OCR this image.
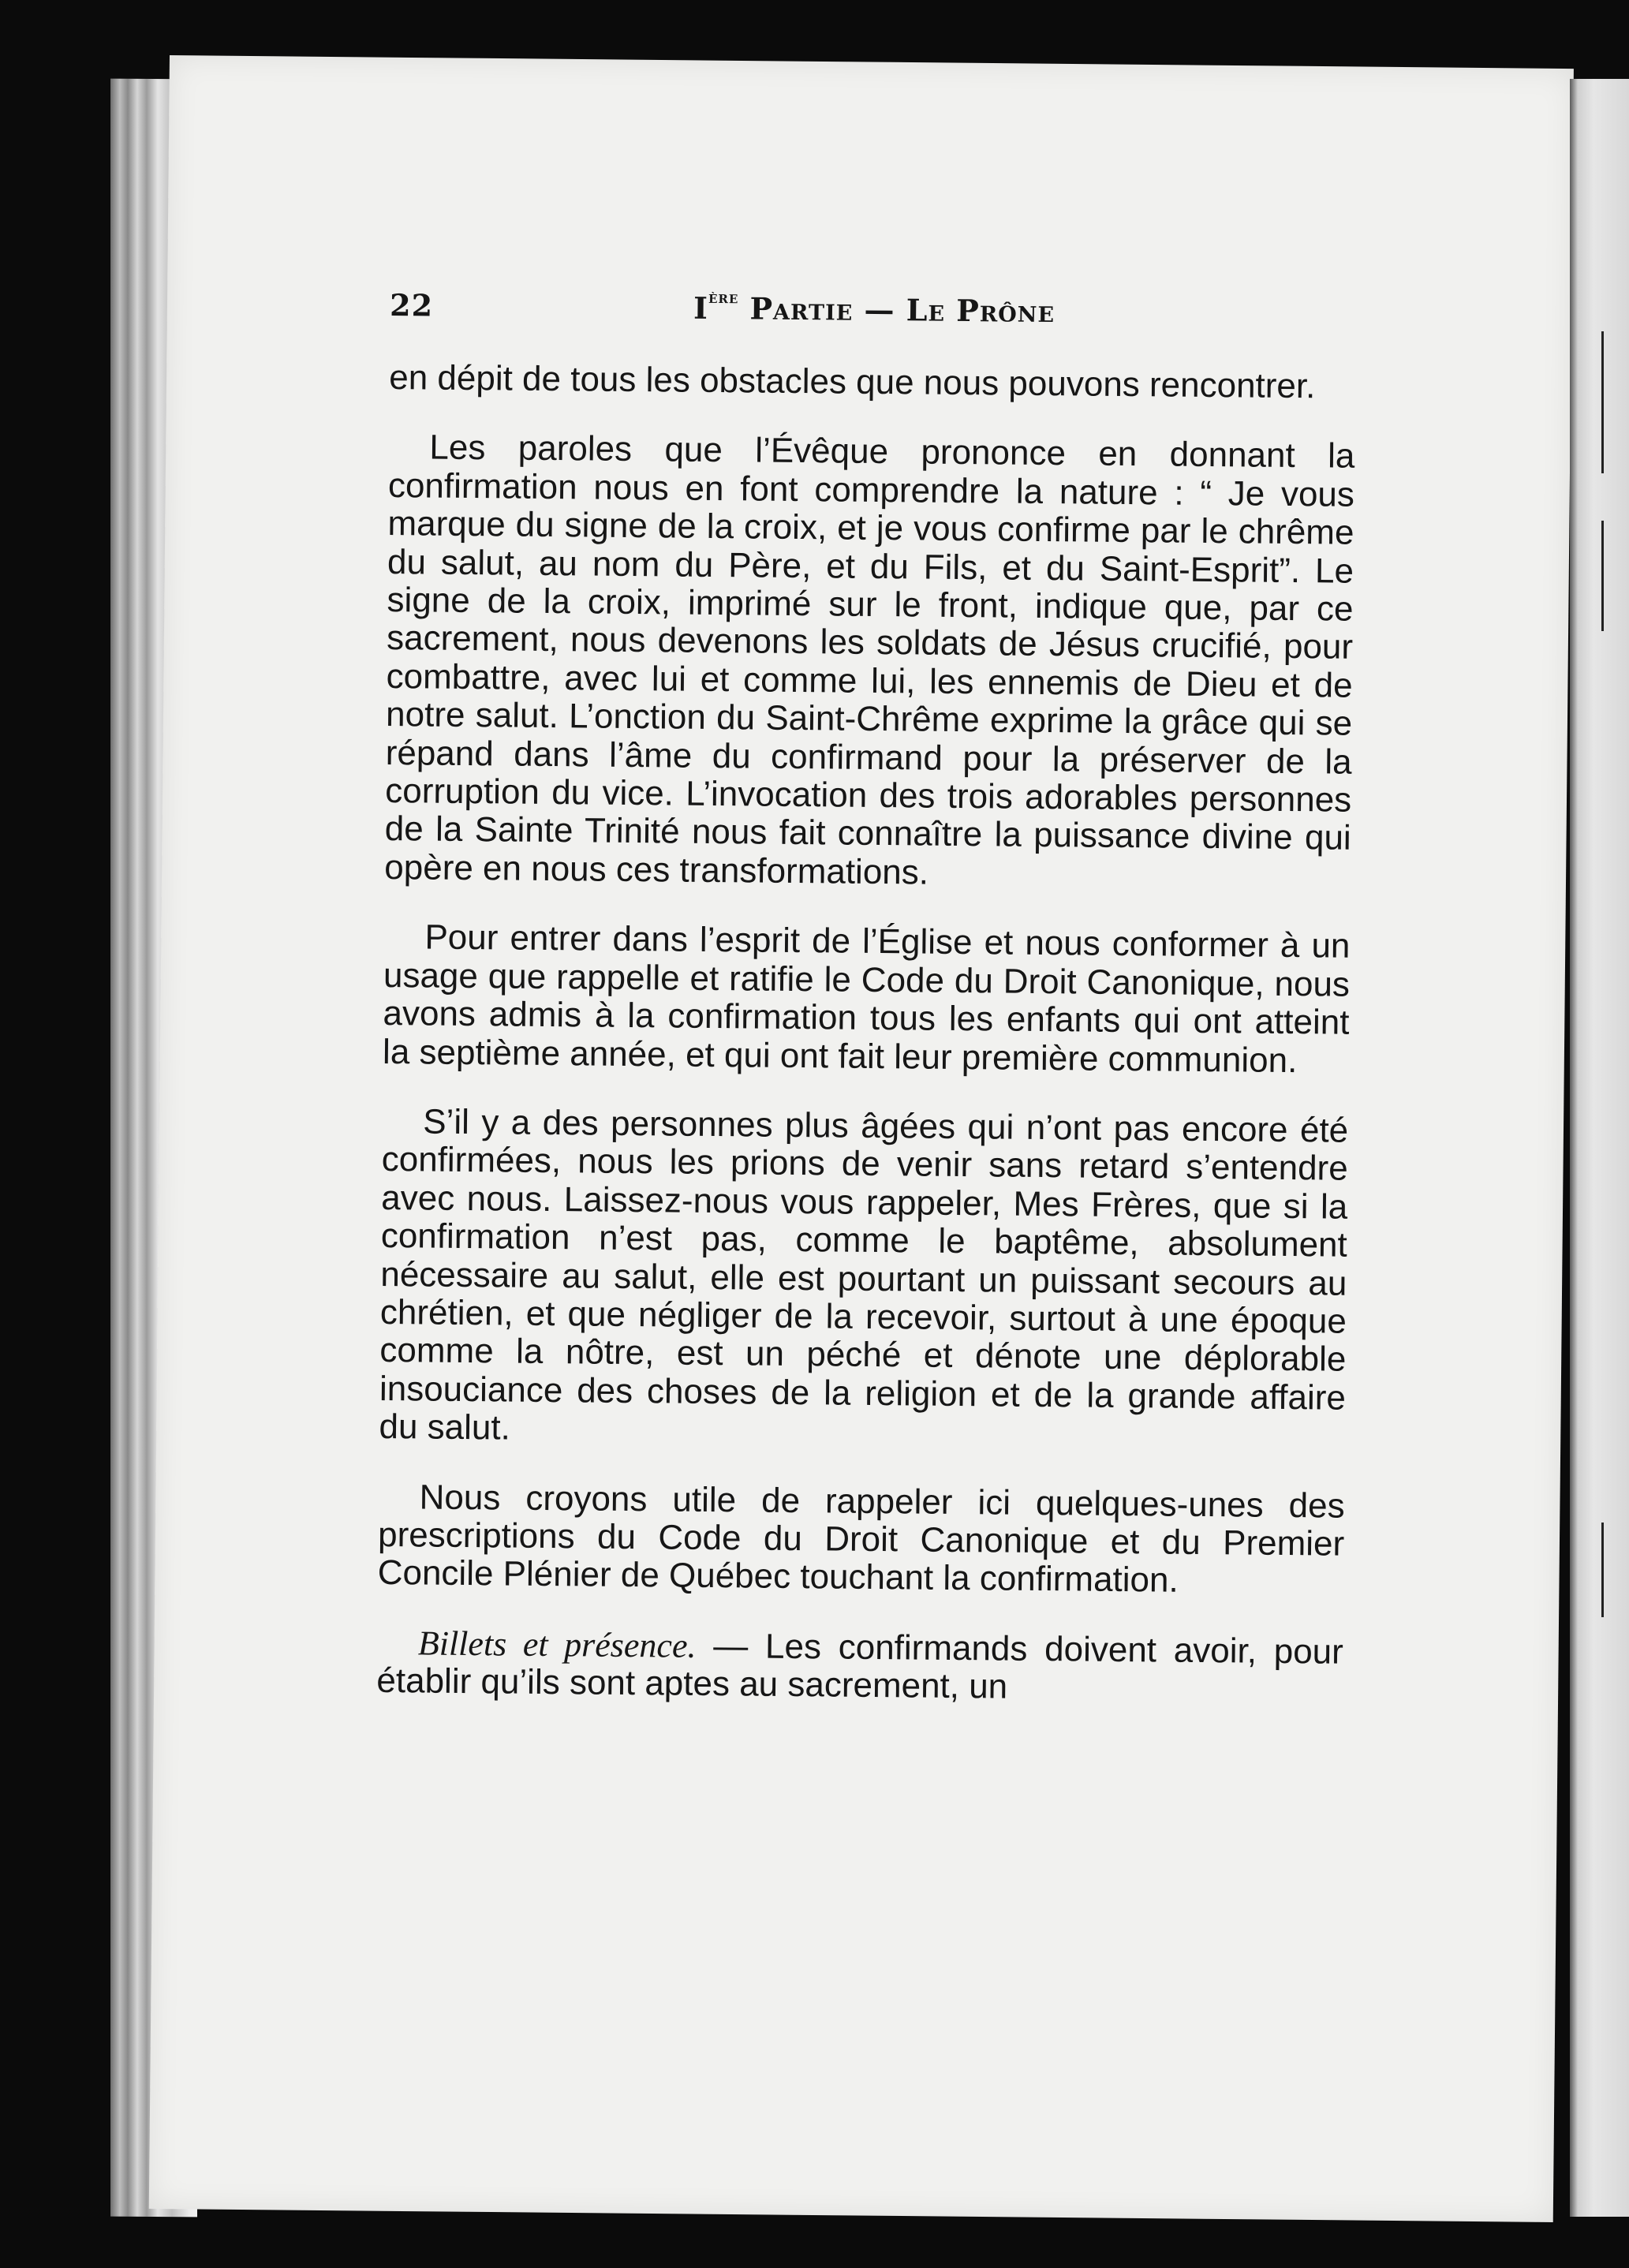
22	Ière Partie — Le Prône

en dépit de tous les obstacles que nous pouvons rencontrer.

Les paroles que l’Évêque prononce en donnant la confirmation nous en font comprendre la nature : “ Je vous marque du signe de la croix, et je vous confirme par le chrême du salut, au nom du Père, et du Fils, et du Saint-Esprit”. Le signe de la croix, imprimé sur le front, indique que, par ce sacrement, nous devenons les soldats de Jésus crucifié, pour combattre, avec lui et comme lui, les ennemis de Dieu et de notre salut. L’onction du Saint-Chrême exprime la grâce qui se répand dans l’âme du confirmand pour la préserver de la corruption du vice. L’invocation des trois adorables personnes de la Sainte Trinité nous fait connaître la puissance divine qui opère en nous ces transformations.

Pour entrer dans l’esprit de l’Église et nous conformer à un usage que rappelle et ratifie le Code du Droit Canonique, nous avons admis à la confirmation tous les enfants qui ont atteint la septième année, et qui ont fait leur première communion.

S’il y a des personnes plus âgées qui n’ont pas encore été confirmées, nous les prions de venir sans retard s’entendre avec nous. Laissez-nous vous rappeler, Mes Frères, que si la confirmation n’est pas, comme le baptême, absolument nécessaire au salut, elle est pourtant un puissant secours au chrétien, et que négliger de la recevoir, surtout à une époque comme la nôtre, est un péché et dénote une déplorable insouciance des choses de la religion et de la grande affaire du salut.

Nous croyons utile de rappeler ici quelques-unes des prescriptions du Code du Droit Canonique et du Premier Concile Plénier de Québec touchant la confirmation.

Billets et présence. — Les confirmands doivent avoir, pour établir qu’ils sont aptes au sacrement, un
